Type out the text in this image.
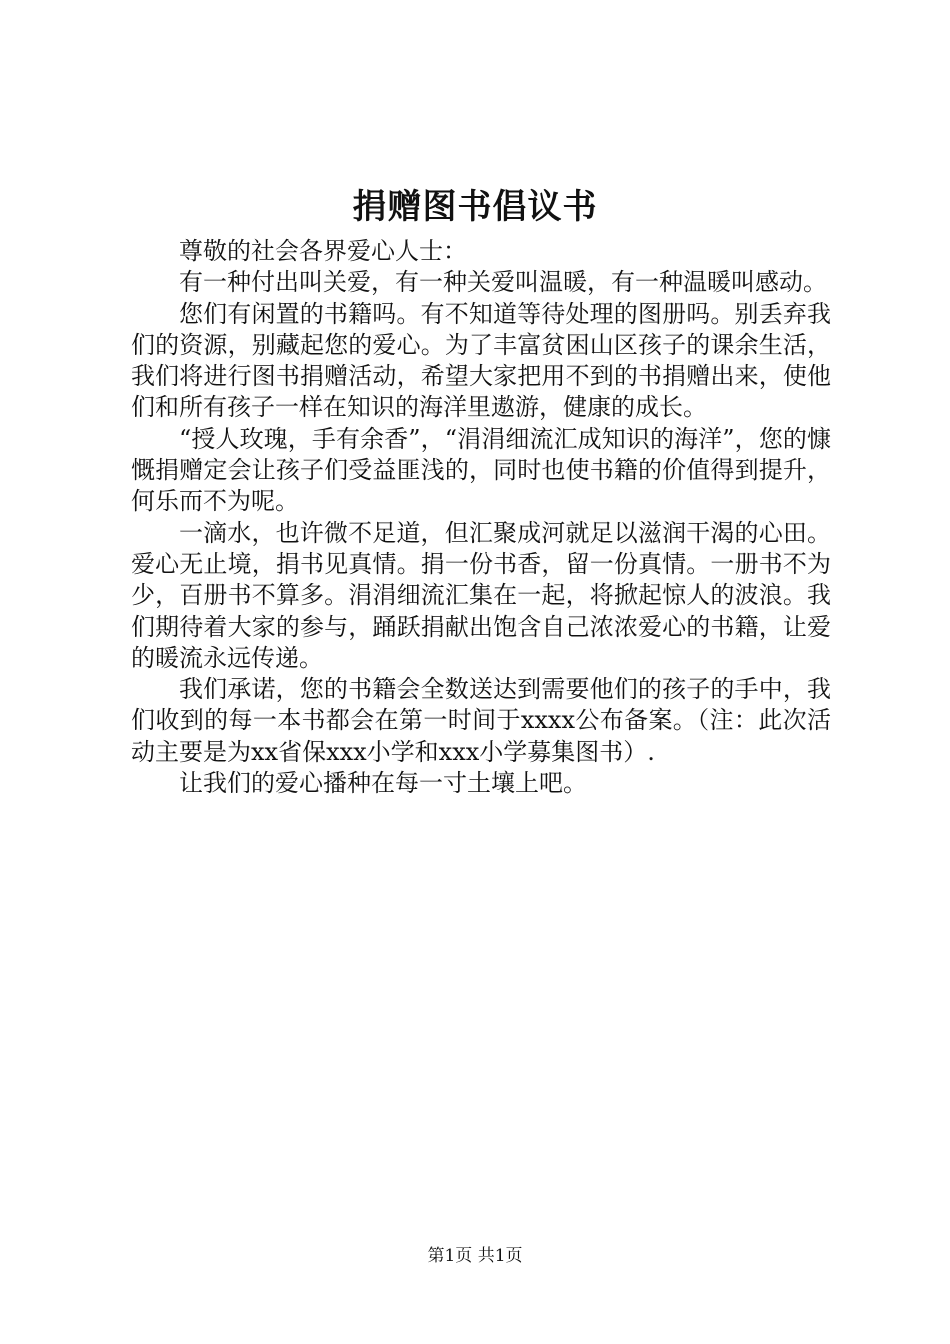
捐赠图书倡议书

尊敬的社会各界爱心人士：

有一种付出叫关爱，有一种关爱叫温暖，有一种温暖叫感动。

您们有闲置的书籍吗。有不知道等待处理的图册吗。别丢弃我们的资源，别藏起您的爱心。为了丰富贫困山区孩子的课余生活，我们将进行图书捐赠活动，希望大家把用不到的书捐赠出来，使他们和所有孩子一样在知识的海洋里遨游，健康的成长。

“授人玫瑰，手有余香”，“涓涓细流汇成知识的海洋”，您的慷慨捐赠定会让孩子们受益匪浅的，同时也使书籍的价值得到提升，何乐而不为呢。

一滴水，也许微不足道，但汇聚成河就足以滋润干渴的心田。爱心无止境，捐书见真情。捐一份书香，留一份真情。一册书不为少，百册书不算多。涓涓细流汇集在一起，将掀起惊人的波浪。我们期待着大家的参与，踊跃捐献出饱含自己浓浓爱心的书籍，让爱的暖流永远传递。

我们承诺，您的书籍会全数送达到需要他们的孩子的手中，我们收到的每一本书都会在第一时间于xxxx公布备案。（注：此次活动主要是为xx省保xxx小学和xxx小学募集图书）.

让我们的爱心播种在每一寸土壤上吧。

第1页 共1页
